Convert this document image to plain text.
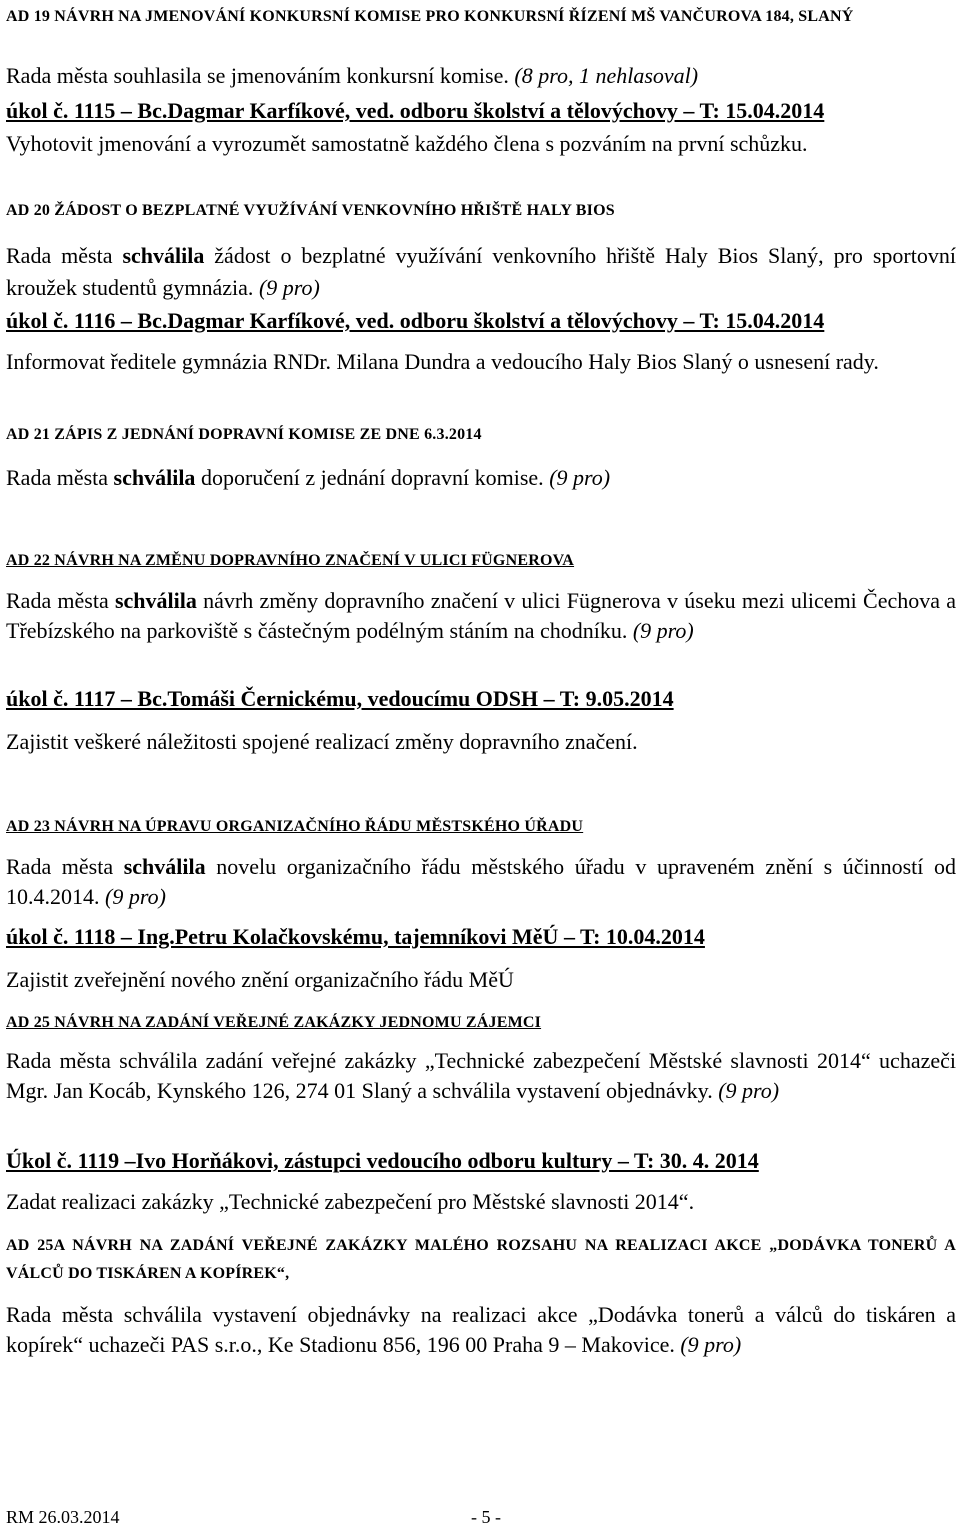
AD 19 NÁVRH NA JMENOVÁNÍ KONKURSNÍ KOMISE PRO KONKURSNÍ ŘÍZENÍ MŠ VANČUROVA 184, SLANÝ
Rada města souhlasila se jmenováním konkursní komise. (8 pro, 1 nehlasoval)
úkol č. 1115 – Bc.Dagmar Karfíkové, ved. odboru školství a tělovýchovy – T: 15.04.2014
Vyhotovit jmenování a vyrozumět samostatně každého člena s pozváním na první schůzku.
AD 20 ŽÁDOST O BEZPLATNÉ VYUŽÍVÁNÍ VENKOVNÍHO HŘIŠTĚ HALY BIOS
Rada města schválila žádost o bezplatné využívání venkovního hřiště Haly Bios Slaný, pro sportovní kroužek studentů gymnázia. (9 pro)
úkol č. 1116 – Bc.Dagmar Karfíkové, ved. odboru školství a tělovýchovy – T: 15.04.2014
Informovat ředitele gymnázia RNDr. Milana Dundra a vedoucího Haly Bios Slaný o usnesení rady.
AD 21 ZÁPIS Z JEDNÁNÍ DOPRAVNÍ KOMISE ZE DNE 6.3.2014
Rada města schválila doporučení z jednání dopravní komise. (9 pro)
AD 22 NÁVRH NA ZMĚNU DOPRAVNÍHO ZNAČENÍ V ULICI FÜGNEROVA
Rada města schválila návrh změny dopravního značení v ulici Fügnerova v úseku mezi ulicemi Čechova a Třebízského na parkoviště s částečným podélným stáním na chodníku. (9 pro)
úkol č. 1117 – Bc.Tomáši Černickému, vedoucímu ODSH – T: 9.05.2014
Zajistit veškeré náležitosti spojené realizací změny dopravního značení.
AD 23 NÁVRH NA ÚPRAVU ORGANIZAČNÍHO ŘÁDU MĚSTSKÉHO ÚŘADU
Rada města schválila novelu organizačního řádu městského úřadu v upraveném znění s účinností od 10.4.2014. (9 pro)
úkol č. 1118 – Ing.Petru Kolačkovskému, tajemníkovi MěÚ – T: 10.04.2014
Zajistit zveřejnění nového znění organizačního řádu MěÚ
AD 25 NÁVRH NA ZADÁNÍ VEŘEJNÉ ZAKÁZKY JEDNOMU ZÁJEMCI
Rada města schválila zadání veřejné zakázky „Technické zabezpečení Městské slavnosti 2014“ uchazeči Mgr. Jan Kocáb, Kynského 126, 274 01 Slaný a schválila vystavení objednávky. (9 pro)
Úkol č. 1119 –Ivo Horňákovi, zástupci vedoucího odboru kultury – T: 30. 4. 2014
Zadat realizaci zakázky „Technické zabezpečení pro Městské slavnosti 2014“.
AD 25A NÁVRH NA ZADÁNÍ VEŘEJNÉ ZAKÁZKY MALÉHO ROZSAHU NA REALIZACI AKCE „DODÁVKA TONERŮ A VÁLCŮ DO TISKÁREN A KOPÍREK“,
Rada města schválila vystavení objednávky na realizaci akce „Dodávka tonerů a válců do tiskáren a kopírek“ uchazeči PAS s.r.o., Ke Stadionu 856, 196 00 Praha 9 – Makovice. (9 pro)
RM 26.03.2014	- 5 -
